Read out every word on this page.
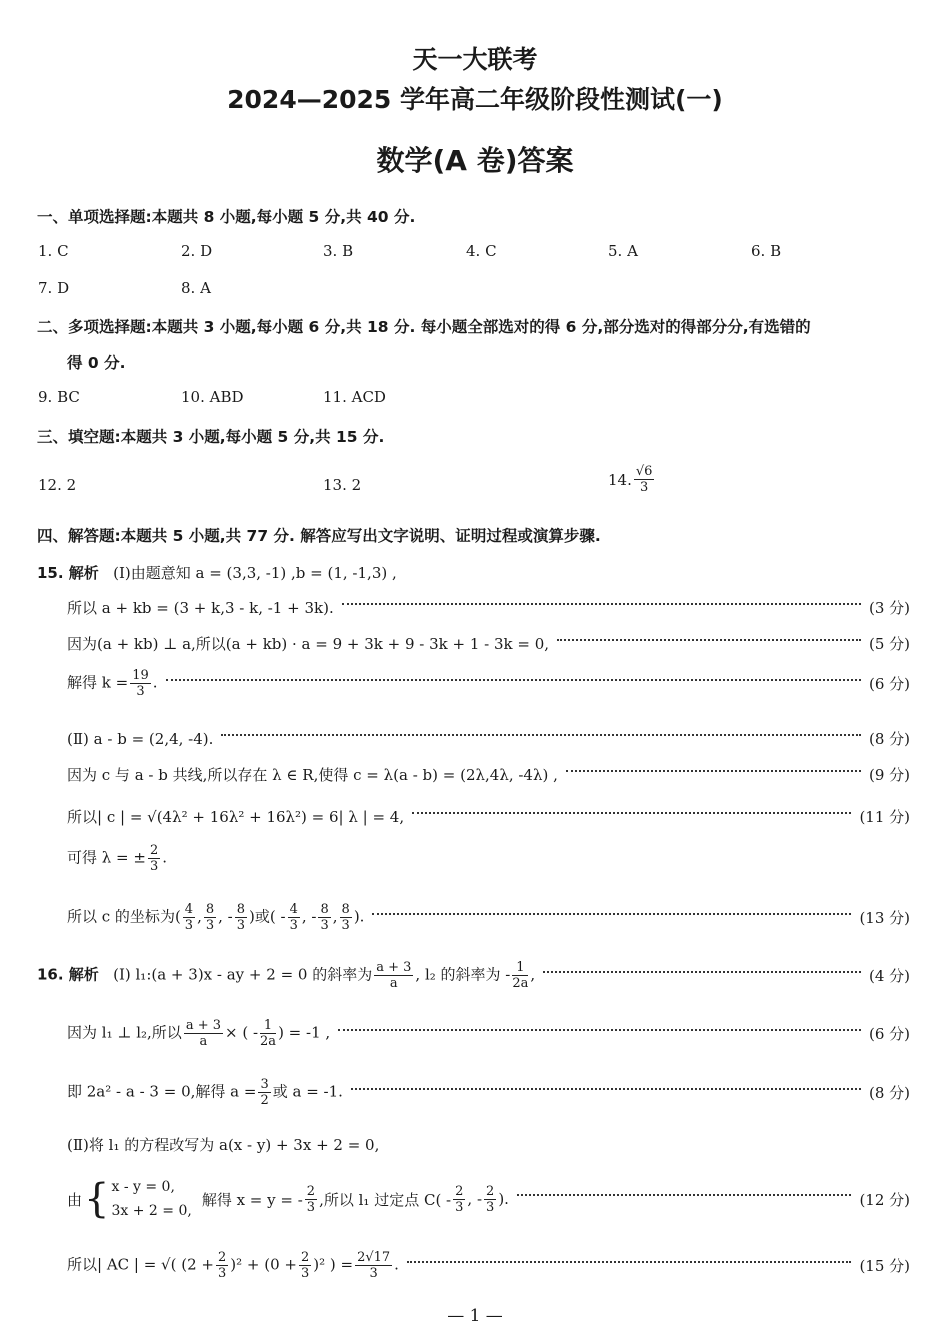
天一大联考
2024—2025 学年高二年级阶段性测试(一)
数学(A 卷)答案
一、单项选择题:本题共 8 小题,每小题 5 分,共 40 分.
1. C	2. D	3. B	4. C	5. A	6. B
7. D	8. A
二、多项选择题:本题共 3 小题,每小题 6 分,共 18 分. 每小题全部选对的得 6 分,部分选对的得部分分,有选错的
得 0 分.
9. BC	10. ABD	11. ACD
三、填空题:本题共 3 小题,每小题 5 分,共 15 分.
12. 2	13. 2	14. $\frac{√6}{3}$
四、解答题:本题共 5 小题,共 77 分. 解答应写出文字说明、证明过程或演算步骤.
15. 解析 (Ⅰ)由题意知 a = (3,3, -1) ,b = (1, -1,3) ,
所以 a + kb = (3 + k,3 - k, -1 + 3k).	(3 分)
因为(a + kb) ⊥ a,所以(a + kb) · a = 9 + 3k + 9 - 3k + 1 - 3k = 0,	(5 分)
解得 $k = \frac{19}{3}$ .	(6 分)
(Ⅱ) a - b = (2,4, -4).	(8 分)
因为 c 与 a - b 共线,所以存在 λ ∈ R,使得 c = λ(a - b) = (2λ,4λ, -4λ) ,	(9 分)
所以| c | = √(4λ² + 16λ² + 16λ²) = 6| λ | = 4,	(11 分)
可得 λ = ± $\frac{2}{3}$ .
所以 c 的坐标为( $\frac{4}{3}$ , $\frac{8}{3}$ , - $\frac{8}{3}$ )或( - $\frac{4}{3}$ , - $\frac{8}{3}$ , $\frac{8}{3}$ ).	(13 分)
16. 解析 (Ⅰ) l₁:(a + 3)x - ay + 2 = 0 的斜率为 $\frac{a + 3}{a}$ , l₂ 的斜率为 - $\frac{1}{2a}$ ,	(4 分)
因为 l₁ ⊥ l₂,所以 $\frac{a + 3}{a}$ × ( - $\frac{1}{2a}$ ) = -1 ,	(6 分)
即 2a² - a - 3 = 0,解得 $a = \frac{3}{2}$ 或 a = -1.	(8 分)
(Ⅱ)将 l₁ 的方程改写为 a(x - y) + 3x + 2 = 0,
由 { x - y = 0,
3x + 2 = 0,
解得 x = y = - $\frac{2}{3}$ ,所以 l₁ 过定点 $C( - \frac{2}{3}$ , - $\frac{2}{3}$ ).	(12 分)
所以| AC | = √( $(2 + \frac{2}{3} )^2 + (0 + \frac{2}{3} )^2$ ) = $\frac{2√17}{3}$ .	(15 分)
— 1 —
